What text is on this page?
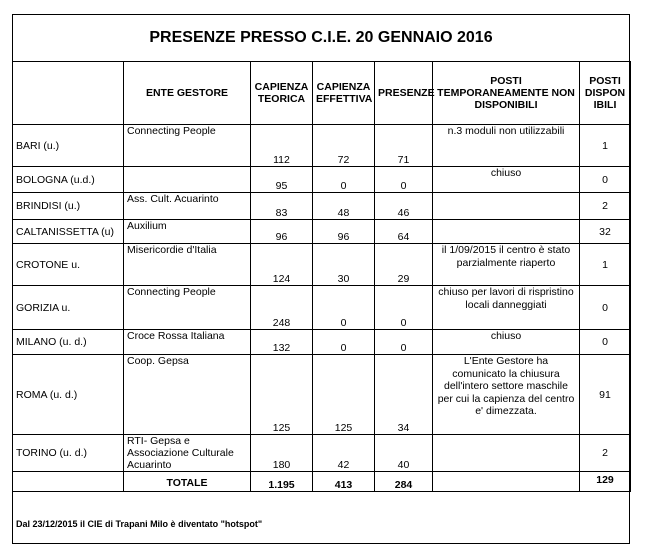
PRESENZE PRESSO C.I.E. 20 GENNAIO 2016
	ENTE GESTORE	CAPIENZA TEORICA	CAPIENZA EFFETTIVA	PRESENZE	POSTI TEMPORANEAMENTE NON DISPONIBILI	POSTI DISPON IBILI
BARI (u.)	Connecting People	112	72	71	n.3 moduli non utilizzabili	1
BOLOGNA (u.d.)		95	0	0	chiuso	0
BRINDISI (u.)	Ass. Cult. Acuarinto	83	48	46		2
CALTANISSETTA (u)	Auxilium	96	96	64		32
CROTONE u.	Misericordie d'Italia	124	30	29	il 1/09/2015 il centro è stato parzialmente riaperto	1
GORIZIA u.	Connecting People	248	0	0	chiuso per lavori di rispristino locali danneggiati	0
MILANO (u. d.)	Croce Rossa Italiana	132	0	0	chiuso	0
ROMA (u. d.)	Coop. Gepsa	125	125	34	L'Ente Gestore ha comunicato la chiusura dell'intero settore maschile per cui la capienza del centro e' dimezzata.	91
TORINO (u. d.)	RTI- Gepsa e Associazione Culturale Acuarinto	180	42	40		2
	TOTALE	1.195	413	284		129
Dal 23/12/2015 il CIE di Trapani Milo è diventato "hotspot"
